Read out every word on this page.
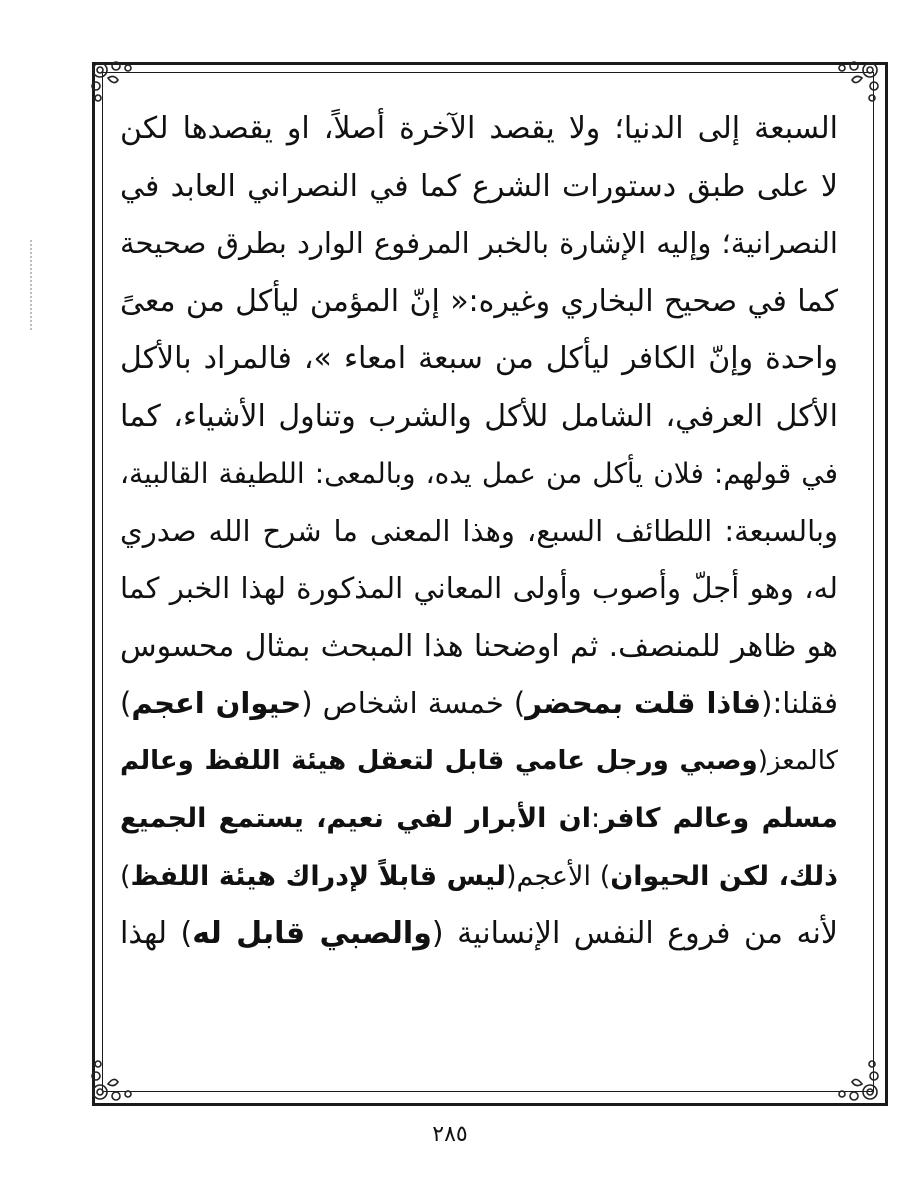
السبعة إلى الدنيا؛ ولا يقصد الآخرة أصلاً، او يقصدها لكن
لا على طبق دستورات الشرع كما في النصراني العابد في
النصرانية؛ وإليه الإشارة بالخبر المرفوع الوارد بطرق صحيحة
كما في صحيح البخاري وغيره:« إنّ المؤمن ليأكل من معىً
واحدة وإنّ الكافر ليأكل من سبعة امعاء »، فالمراد بالأكل
الأكل العرفي، الشامل للأكل والشرب وتناول الأشياء، كما
في قولهم: فلان يأكل من عمل يده، وبالمعى: اللطيفة القالبية،
وبالسبعة: اللطائف السبع، وهذا المعنى ما شرح الله صدري
له، وهو أجلّ وأصوب وأولى المعاني المذكورة لهذا الخبر كما
هو ظاهر للمنصف. ثم اوضحنا هذا المبحث بمثال محسوس
فقلنا:(فاذا قلت بمحضر) خمسة اشخاص (حيوان اعجم)
كالمعز(وصبي ورجل عامي قابل لتعقل هيئة اللفظ وعالم
مسلم وعالم كافر:ان الأبرار لفي نعيم، يستمع الجميع
ذلك، لكن الحيوان) الأعجم(ليس قابلاً لإدراك هيئة اللفظ)
لأنه من فروع النفس الإنسانية (والصبي قابل له) لهذا
٢٨٥
